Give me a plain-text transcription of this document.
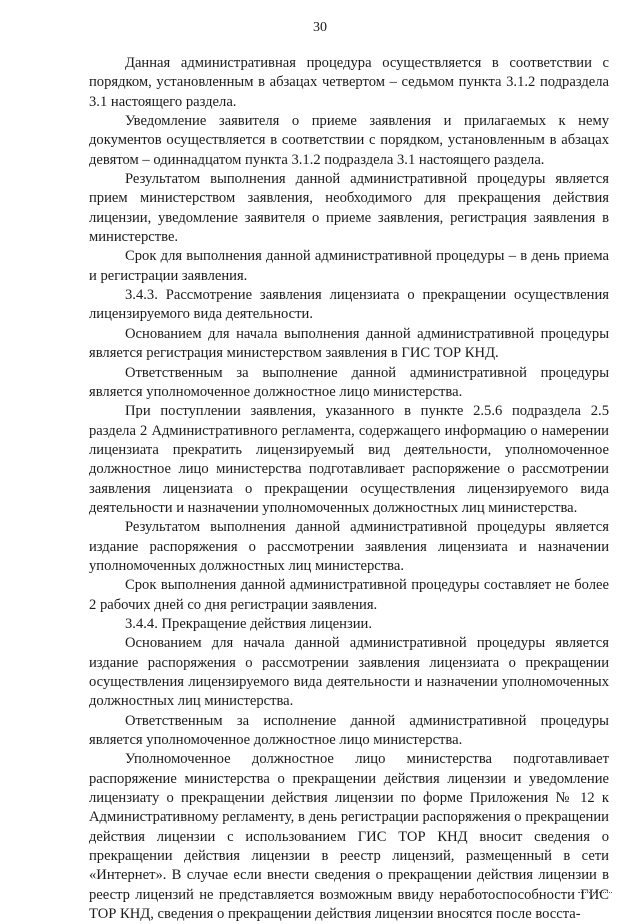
30

Данная административная процедура осуществляется в соответствии с порядком, установленным в абзацах четвертом – седьмом пункта 3.1.2 подраздела 3.1 настоящего раздела.

Уведомление заявителя о приеме заявления и прилагаемых к нему документов осуществляется в соответствии с порядком, установленным в абзацах девятом – одиннадцатом пункта 3.1.2 подраздела 3.1 настоящего раздела.

Результатом выполнения данной административной процедуры является прием министерством заявления, необходимого для прекращения действия лицензии, уведомление заявителя о приеме заявления, регистрация заявления в министерстве.

Срок для выполнения данной административной процедуры – в день приема и регистрации заявления.

3.4.3. Рассмотрение заявления лицензиата о прекращении осуществления лицензируемого вида деятельности.

Основанием для начала выполнения данной административной процедуры является регистрация министерством заявления в ГИС ТОР КНД.

Ответственным за выполнение данной административной процедуры является уполномоченное должностное лицо министерства.

При поступлении заявления, указанного в пункте 2.5.6 подраздела 2.5 раздела 2 Административного регламента, содержащего информацию о намерении лицензиата прекратить лицензируемый вид деятельности, уполномоченное должностное лицо министерства подготавливает распоряжение о рассмотрении заявления лицензиата о прекращении осуществления лицензируемого вида деятельности и назначении уполномоченных должностных лиц министерства.

Результатом выполнения данной административной процедуры является издание распоряжения о рассмотрении заявления лицензиата и назначении уполномоченных должностных лиц министерства.

Срок выполнения данной административной процедуры составляет не более 2 рабочих дней со дня регистрации заявления.

3.4.4. Прекращение действия лицензии.

Основанием для начала данной административной процедуры является издание распоряжения о рассмотрении заявления лицензиата о прекращении осуществления лицензируемого вида деятельности и назначении уполномоченных должностных лиц министерства.

Ответственным за исполнение данной административной процедуры является уполномоченное должностное лицо министерства.

Уполномоченное должностное лицо министерства подготавливает распоряжение министерства о прекращении действия лицензии и уведомление лицензиату о прекращении действия лицензии по форме Приложения № 12 к Административному регламенту, в день регистрации распоряжения о прекращении действия лицензии с использованием ГИС ТОР КНД вносит сведения о прекращении действия лицензии в реестр лицензий, размещенный в сети «Интернет». В случае если внести сведения о прекращении действия лицензии в реестр лицензий не представляется возможным ввиду неработоспособности ГИС ТОР КНД, сведения о прекращении действия лицензии вносятся после восста-
